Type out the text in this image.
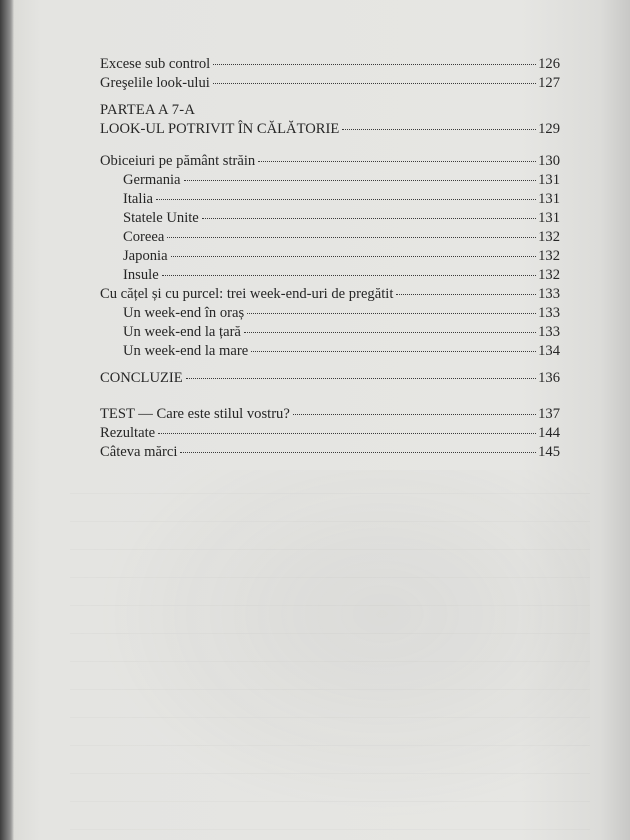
Excese sub control	126
Greşelile look-ului	127
PARTEA A 7-A
LOOK-UL POTRIVIT ÎN CĂLĂTORIE	129
Obiceiuri pe pământ străin	130
Germania	131
Italia	131
Statele Unite	131
Coreea	132
Japonia	132
Insule	132
Cu cățel și cu purcel: trei week-end-uri de pregătit	133
Un week-end în oraș	133
Un week-end la țară	133
Un week-end la mare	134
CONCLUZIE	136
TEST — Care este stilul vostru?	137
Rezultate	144
Câteva mărci	145
